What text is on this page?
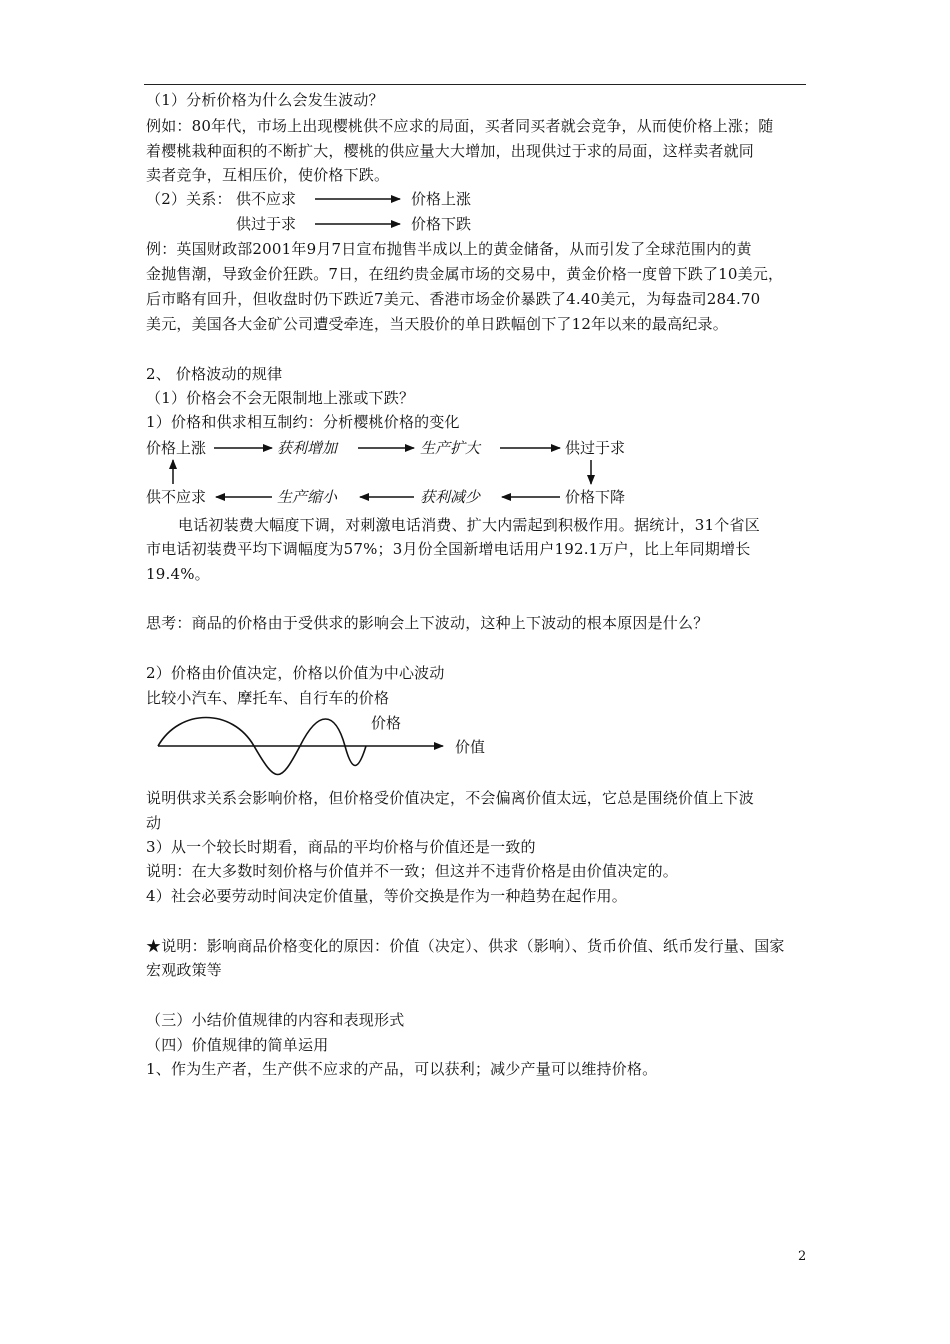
（1）分析价格为什么会发生波动？
例如：80年代，市场上出现樱桃供不应求的局面，买者同买者就会竞争，从而使价格上涨；随
着樱桃栽种面积的不断扩大，樱桃的供应量大大增加，出现供过于求的局面，这样卖者就同
卖者竞争，互相压价，使价格下跌。
（2）关系： 供不应求	价格上涨
供过于求	价格下跌
例：英国财政部2001年9月7日宣布抛售半成以上的黄金储备，从而引发了全球范围内的黄
金抛售潮，导致金价狂跌。7日，在纽约贵金属市场的交易中，黄金价格一度曾下跌了10美元，
后市略有回升，但收盘时仍下跌近7美元、香港市场金价暴跌了4.40美元，为每盎司284.70
美元，美国各大金矿公司遭受牵连，当天股价的单日跌幅创下了12年以来的最高纪录。
2、 价格波动的规律
（1）价格会不会无限制地上涨或下跌？
1）价格和供求相互制约：分析樱桃价格的变化
价格上涨	获利增加	生产扩大	供过于求
供不应求	生产缩小	获利减少	价格下降
电话初装费大幅度下调，对刺激电话消费、扩大内需起到积极作用。据统计，31个省区
市电话初装费平均下调幅度为57%；3月份全国新增电话用户192.1万户，比上年同期增长
19.4%。
思考：商品的价格由于受供求的影响会上下波动，这种上下波动的根本原因是什么？
2）价格由价值决定，价格以价值为中心波动
比较小汽车、摩托车、自行车的价格
价格
价值
说明供求关系会影响价格，但价格受价值决定，不会偏离价值太远，它总是围绕价值上下波
动
3）从一个较长时期看，商品的平均价格与价值还是一致的
说明：在大多数时刻价格与价值并不一致；但这并不违背价格是由价值决定的。
4）社会必要劳动时间决定价值量，等价交换是作为一种趋势在起作用。
★说明：影响商品价格变化的原因：价值（决定）、供求（影响）、货币价值、纸币发行量、国家
宏观政策等
（三）小结价值规律的内容和表现形式
（四）价值规律的简单运用
1、作为生产者，生产供不应求的产品，可以获利；减少产量可以维持价格。
2
